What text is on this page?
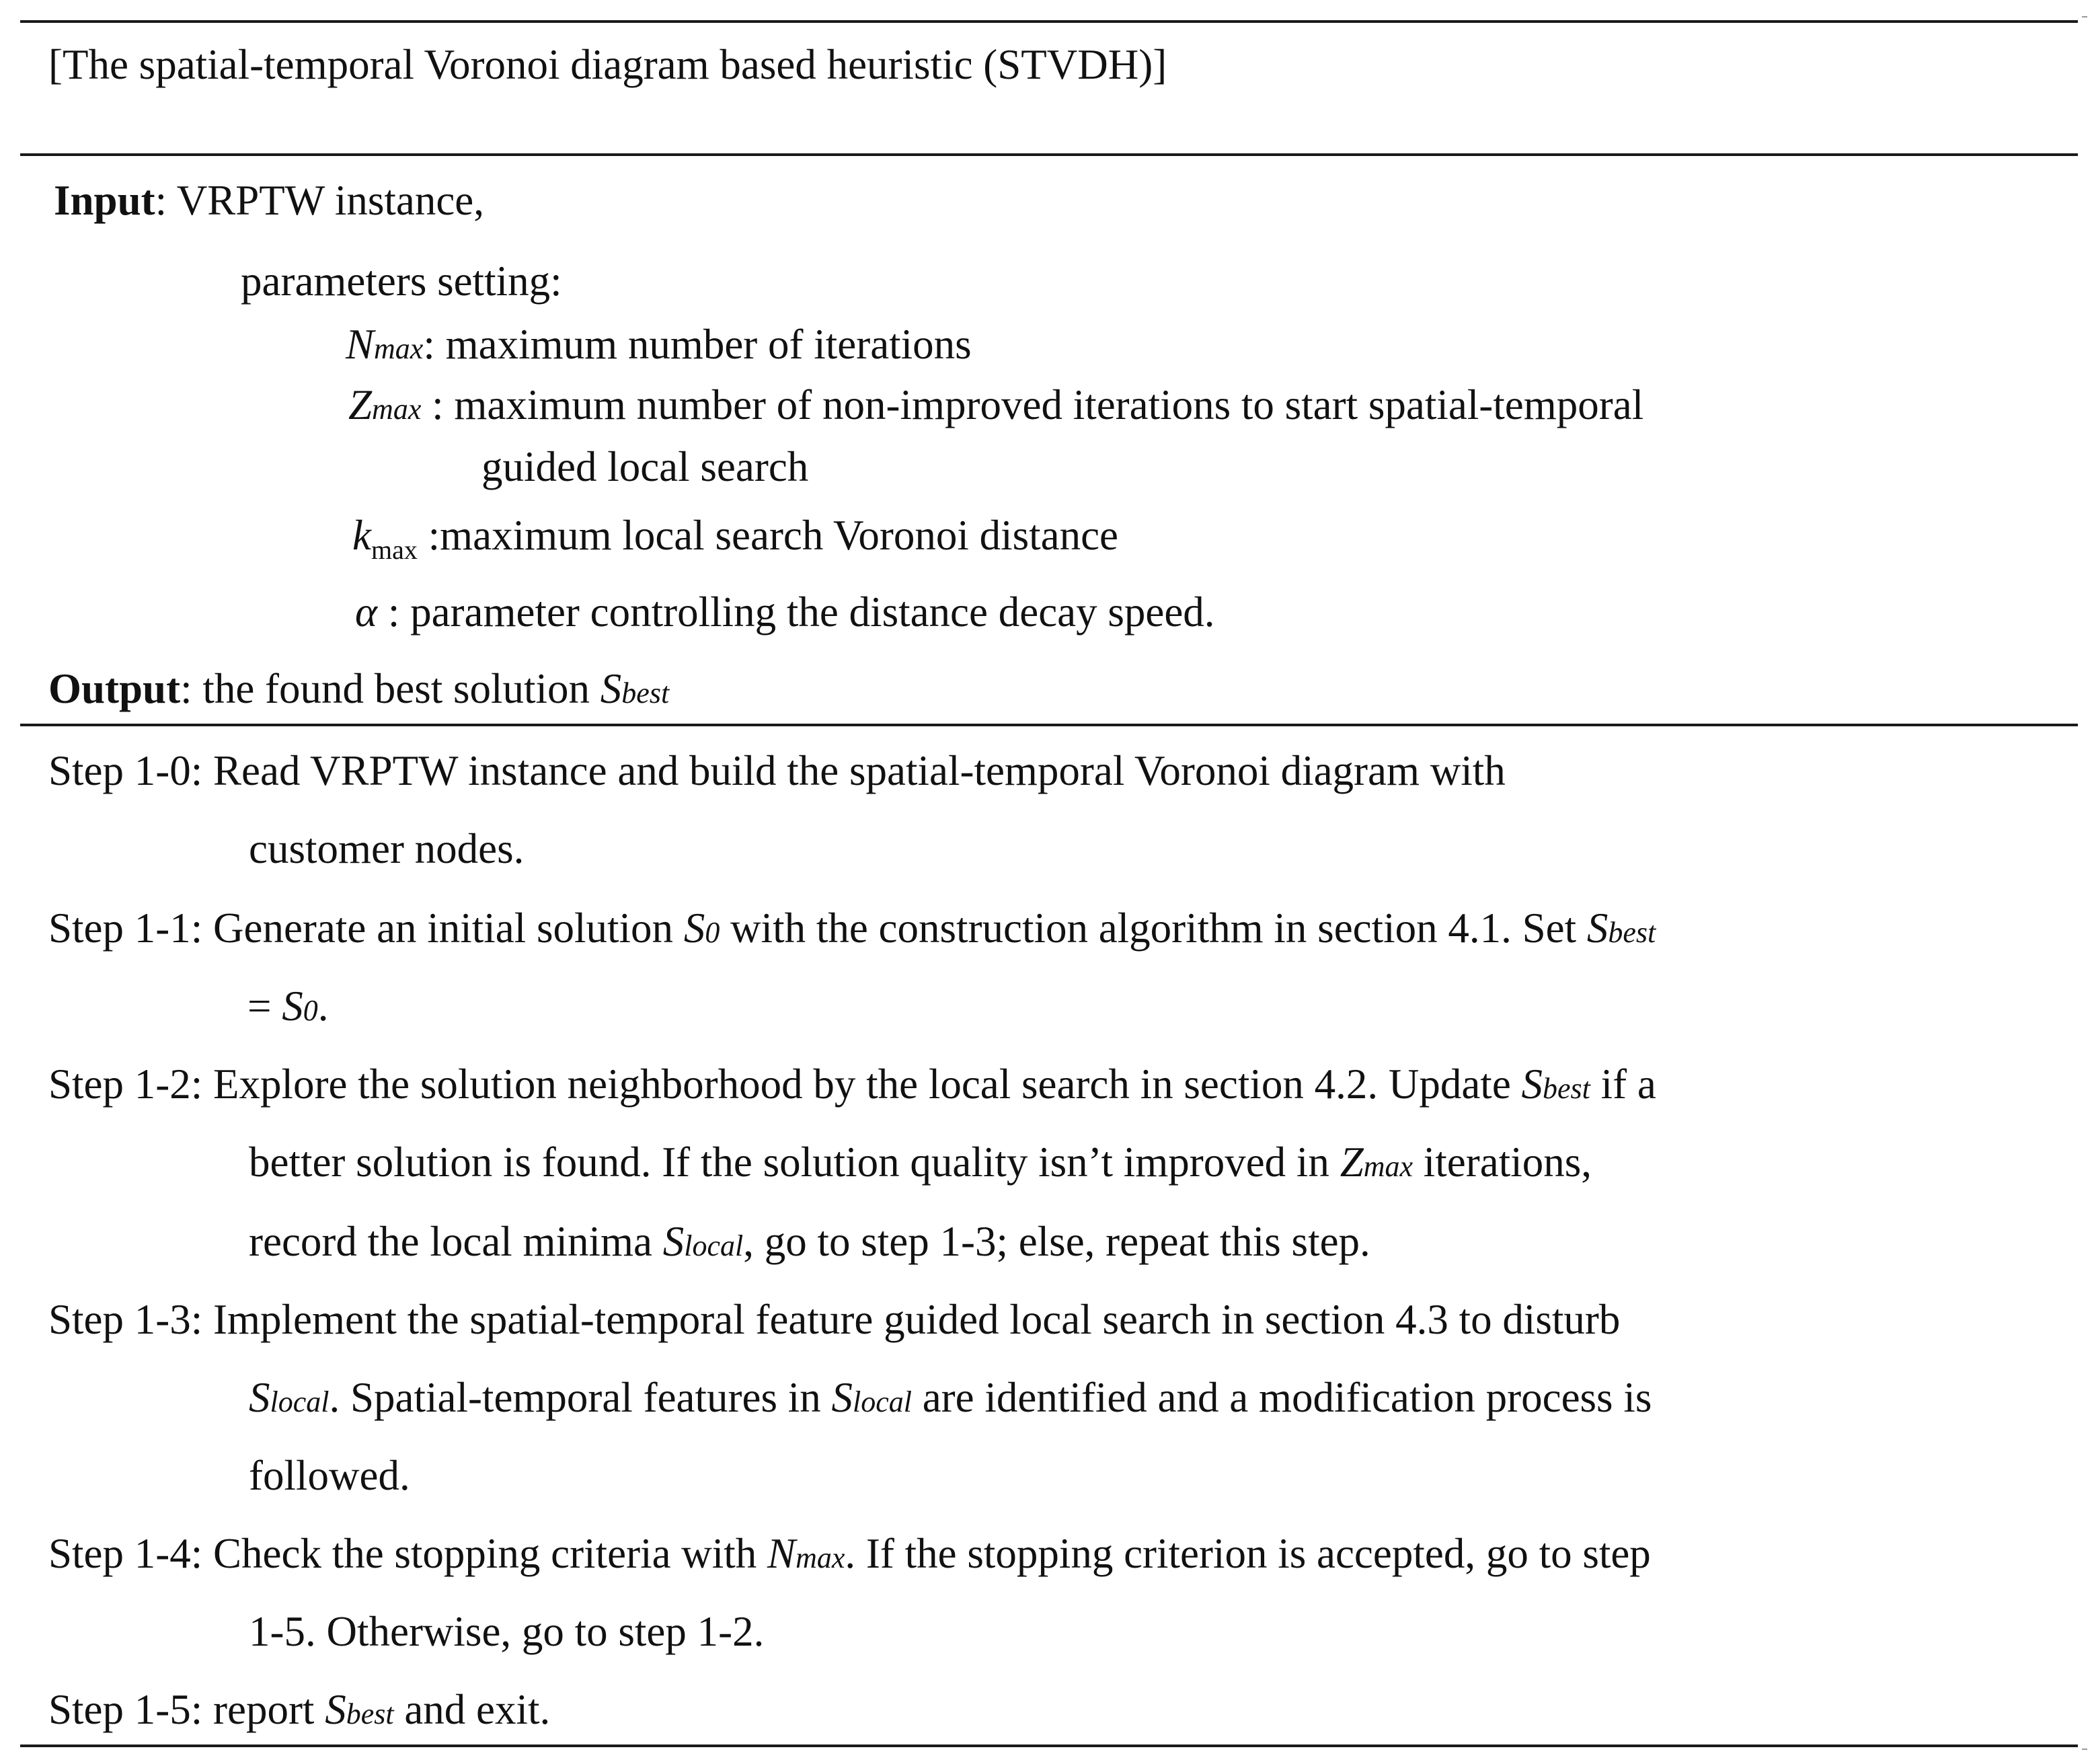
[The spatial-temporal Voronoi diagram based heuristic (STVDH)]
Input: VRPTW instance,
parameters setting:
Nmax: maximum number of iterations
Zmax : maximum number of non-improved iterations to start spatial-temporal
guided local search
$k_{max}$ :maximum local search Voronoi distance
α : parameter controlling the distance decay speed.
Output: the found best solution Sbest
Step 1-0: Read VRPTW instance and build the spatial-temporal Voronoi diagram with
customer nodes.
Step 1-1: Generate an initial solution S0 with the construction algorithm in section 4.1. Set Sbest
= S0.
Step 1-2: Explore the solution neighborhood by the local search in section 4.2. Update Sbest if a
better solution is found. If the solution quality isn’t improved in Zmax iterations,
record the local minima Slocal, go to step 1-3; else, repeat this step.
Step 1-3: Implement the spatial-temporal feature guided local search in section 4.3 to disturb
Slocal. Spatial-temporal features in Slocal are identified and a modification process is
followed.
Step 1-4: Check the stopping criteria with Nmax. If the stopping criterion is accepted, go to step
1-5. Otherwise, go to step 1-2.
Step 1-5: report Sbest and exit.
